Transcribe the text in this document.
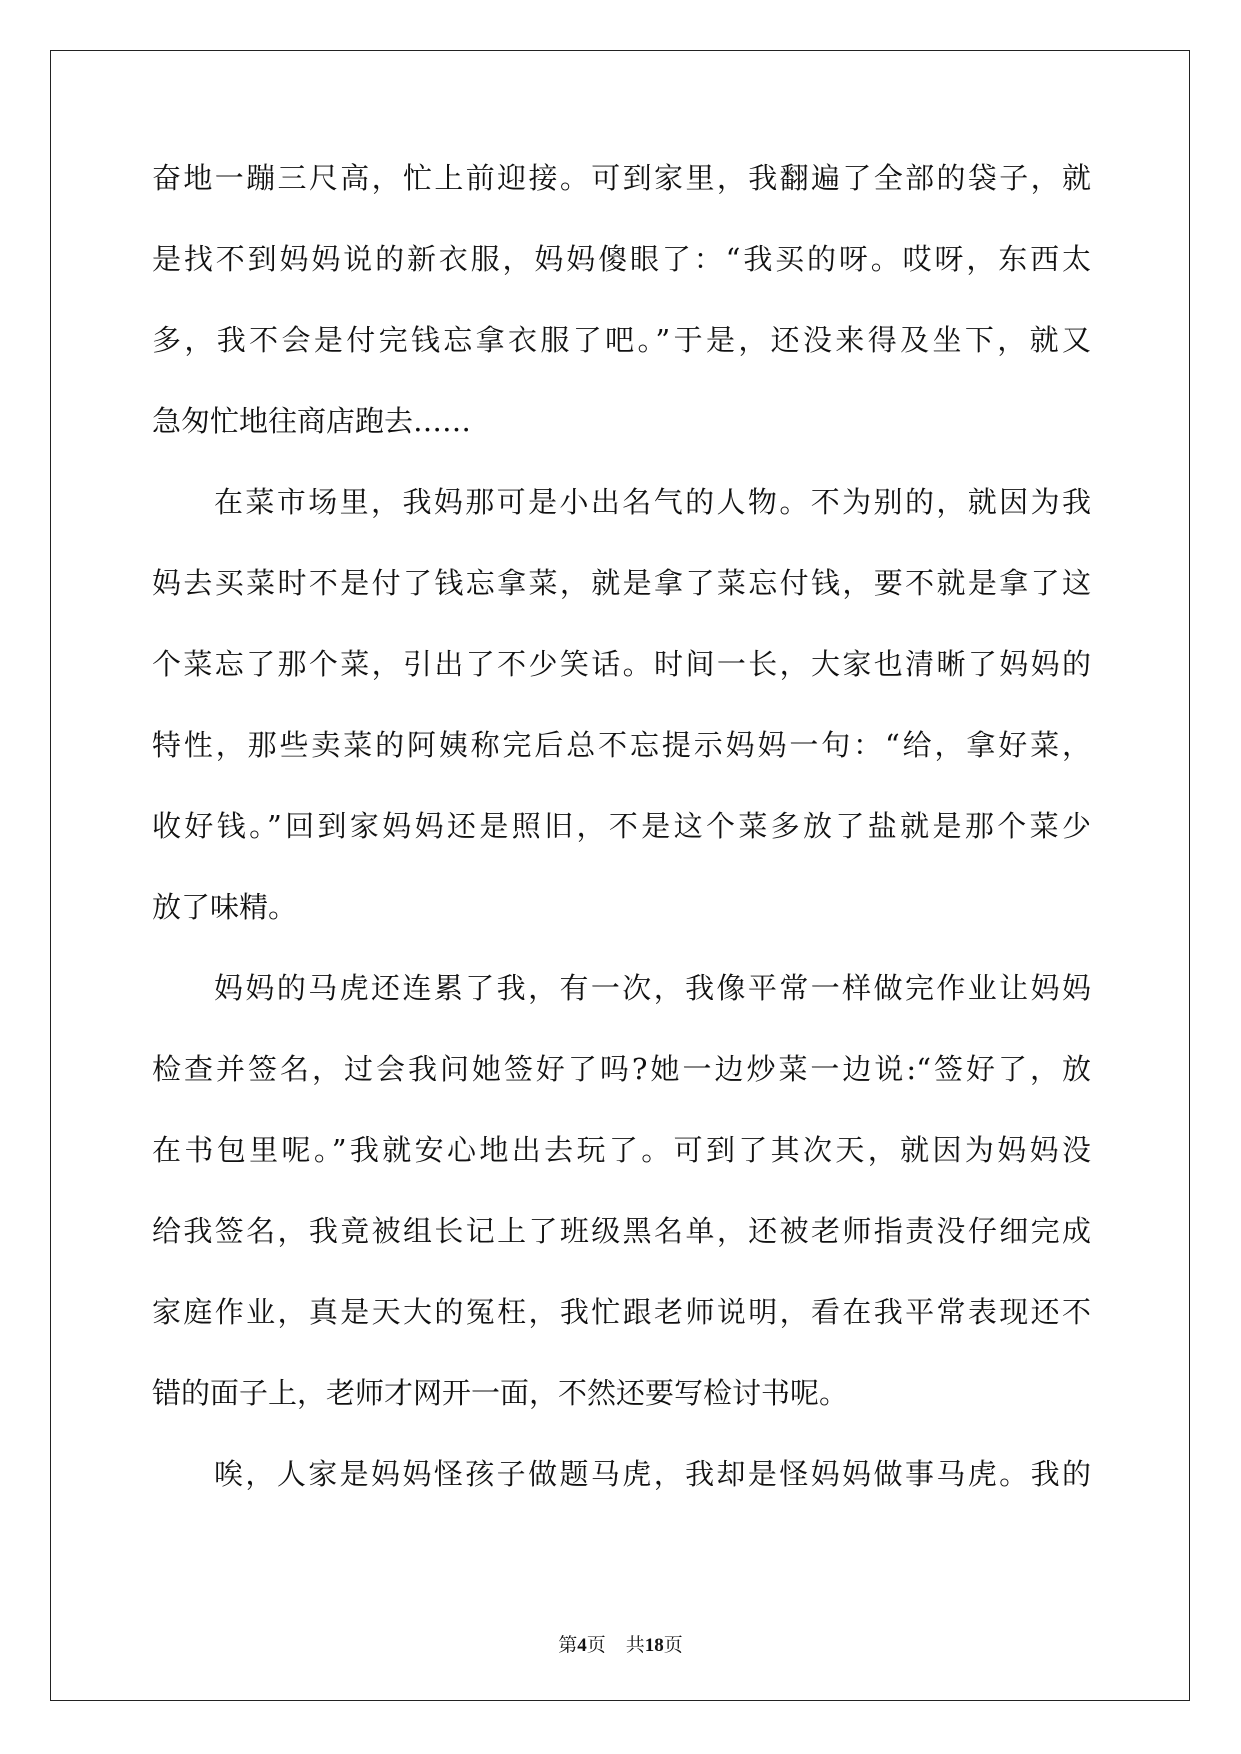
奋地一蹦三尺高，忙上前迎接。可到家里，我翻遍了全部的袋子，就
是找不到妈妈说的新衣服，妈妈傻眼了：“我买的呀。哎呀，东西太
多，我不会是付完钱忘拿衣服了吧。”于是，还没来得及坐下，就又
急匆忙地往商店跑去……
在菜市场里，我妈那可是小出名气的人物。不为别的，就因为我
妈去买菜时不是付了钱忘拿菜，就是拿了菜忘付钱，要不就是拿了这
个菜忘了那个菜，引出了不少笑话。时间一长，大家也清晰了妈妈的
特性，那些卖菜的阿姨称完后总不忘提示妈妈一句：“给，拿好菜，
收好钱。”回到家妈妈还是照旧，不是这个菜多放了盐就是那个菜少
放了味精。
妈妈的马虎还连累了我，有一次，我像平常一样做完作业让妈妈
检查并签名，过会我问她签好了吗?她一边炒菜一边说:“签好了，放
在书包里呢。”我就安心地出去玩了。可到了其次天，就因为妈妈没
给我签名，我竟被组长记上了班级黑名单，还被老师指责没仔细完成
家庭作业，真是天大的冤枉，我忙跟老师说明，看在我平常表现还不
错的面子上，老师才网开一面，不然还要写检讨书呢。
唉，人家是妈妈怪孩子做题马虎，我却是怪妈妈做事马虎。我的
第4页 共18页
